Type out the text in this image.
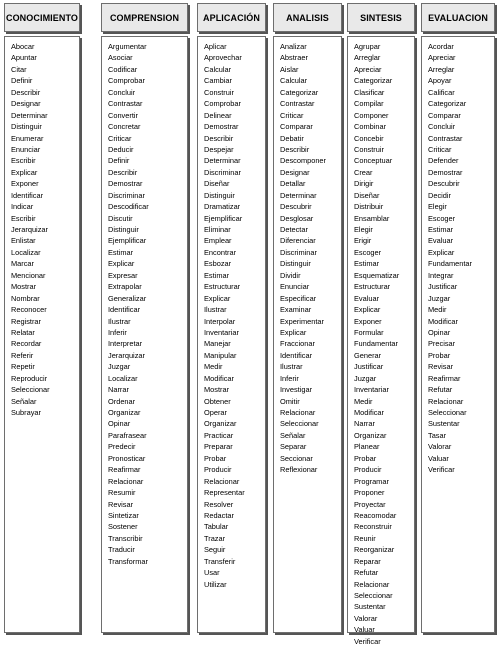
CONOCIMIENTO
Abocar
Apuntar
Citar
Definir
Describir
Designar
Determinar
Distinguir
Enumerar
Enunciar
Escribir
Explicar
Exponer
Identificar
Indicar
Escribir
Jerarquizar
Enlistar
Localizar
Marcar
Mencionar
Mostrar
Nombrar
Reconocer
Registrar
Relatar
Recordar
Referir
Repetir
Reproducir
Seleccionar
Señalar
Subrayar
COMPRENSION
Argumentar
Asociar
Codificar
Comprobar
Concluir
Contrastar
Convertir
Concretar
Criticar
Deducir
Definir
Describir
Demostrar
Discriminar
Descodificar
Discutir
Distinguir
Ejemplificar
Estimar
Explicar
Expresar
Extrapolar
Generalizar
Identificar
Ilustrar
Inferir
Interpretar
Jerarquizar
Juzgar
Localizar
Narrar
Ordenar
Organizar
Opinar
Parafrasear
Predecir
Pronosticar
Reafirmar
Relacionar
Resumir
Revisar
Sintetizar
Sostener
Transcribir
Traducir
Transformar
APLICACIÓN
Aplicar
Aprovechar
Calcular
Cambiar
Construir
Comprobar
Delinear
Demostrar
Describir
Despejar
Determinar
Discriminar
Diseñar
Distinguir
Dramatizar
Ejemplificar
Eliminar
Emplear
Encontrar
Esbozar
Estimar
Estructurar
Explicar
Ilustrar
Interpolar
Inventariar
Manejar
Manipular
Medir
Modificar
Mostrar
Obtener
Operar
Organizar
Practicar
Preparar
Probar
Producir
Relacionar
Representar
Resolver
Redactar
Tabular
Trazar
Seguir
Transferir
Usar
Utilizar
ANALISIS
Analizar
Abstraer
Aislar
Calcular
Categorizar
Contrastar
Criticar
Comparar
Debatir
Describir
Descomponer
Designar
Detallar
Determinar
Descubrir
Desglosar
Detectar
Diferenciar
Discriminar
Distinguir
Dividir
Enunciar
Especificar
Examinar
Experimentar
Explicar
Fraccionar
Identificar
Ilustrar
Inferir
Investigar
Omitir
Relacionar
Seleccionar
Señalar
Separar
Seccionar
Reflexionar
SINTESIS
Agrupar
Arreglar
Apreciar
Categorizar
Clasificar
Compilar
Componer
Combinar
Concebir
Construir
Conceptuar
Crear
Dirigir
Diseñar
Distribuir
Ensamblar
Elegir
Erigir
Escoger
Estimar
Esquematizar
Estructurar
Evaluar
Explicar
Exponer
Formular
Fundamentar
Generar
Justificar
Juzgar
Inventariar
Medir
Modificar
Narrar
Organizar
Planear
Probar
Producir
Programar
Proponer
Proyectar
Reacomodar
Reconstruir
Reunir
Reorganizar
Reparar
Refutar
Relacionar
Seleccionar
Sustentar
Valorar
Valuar
Verificar
EVALUACION
Acordar
Apreciar
Arreglar
Apoyar
Calificar
Categorizar
Comparar
Concluir
Contrastar
Criticar
Defender
Demostrar
Descubrir
Decidir
Elegir
Escoger
Estimar
Evaluar
Explicar
Fundamentar
Integrar
Justificar
Juzgar
Medir
Modificar
Opinar
Precisar
Probar
Revisar
Reafirmar
Refutar
Relacionar
Seleccionar
Sustentar
Tasar
Valorar
Valuar
Verificar
